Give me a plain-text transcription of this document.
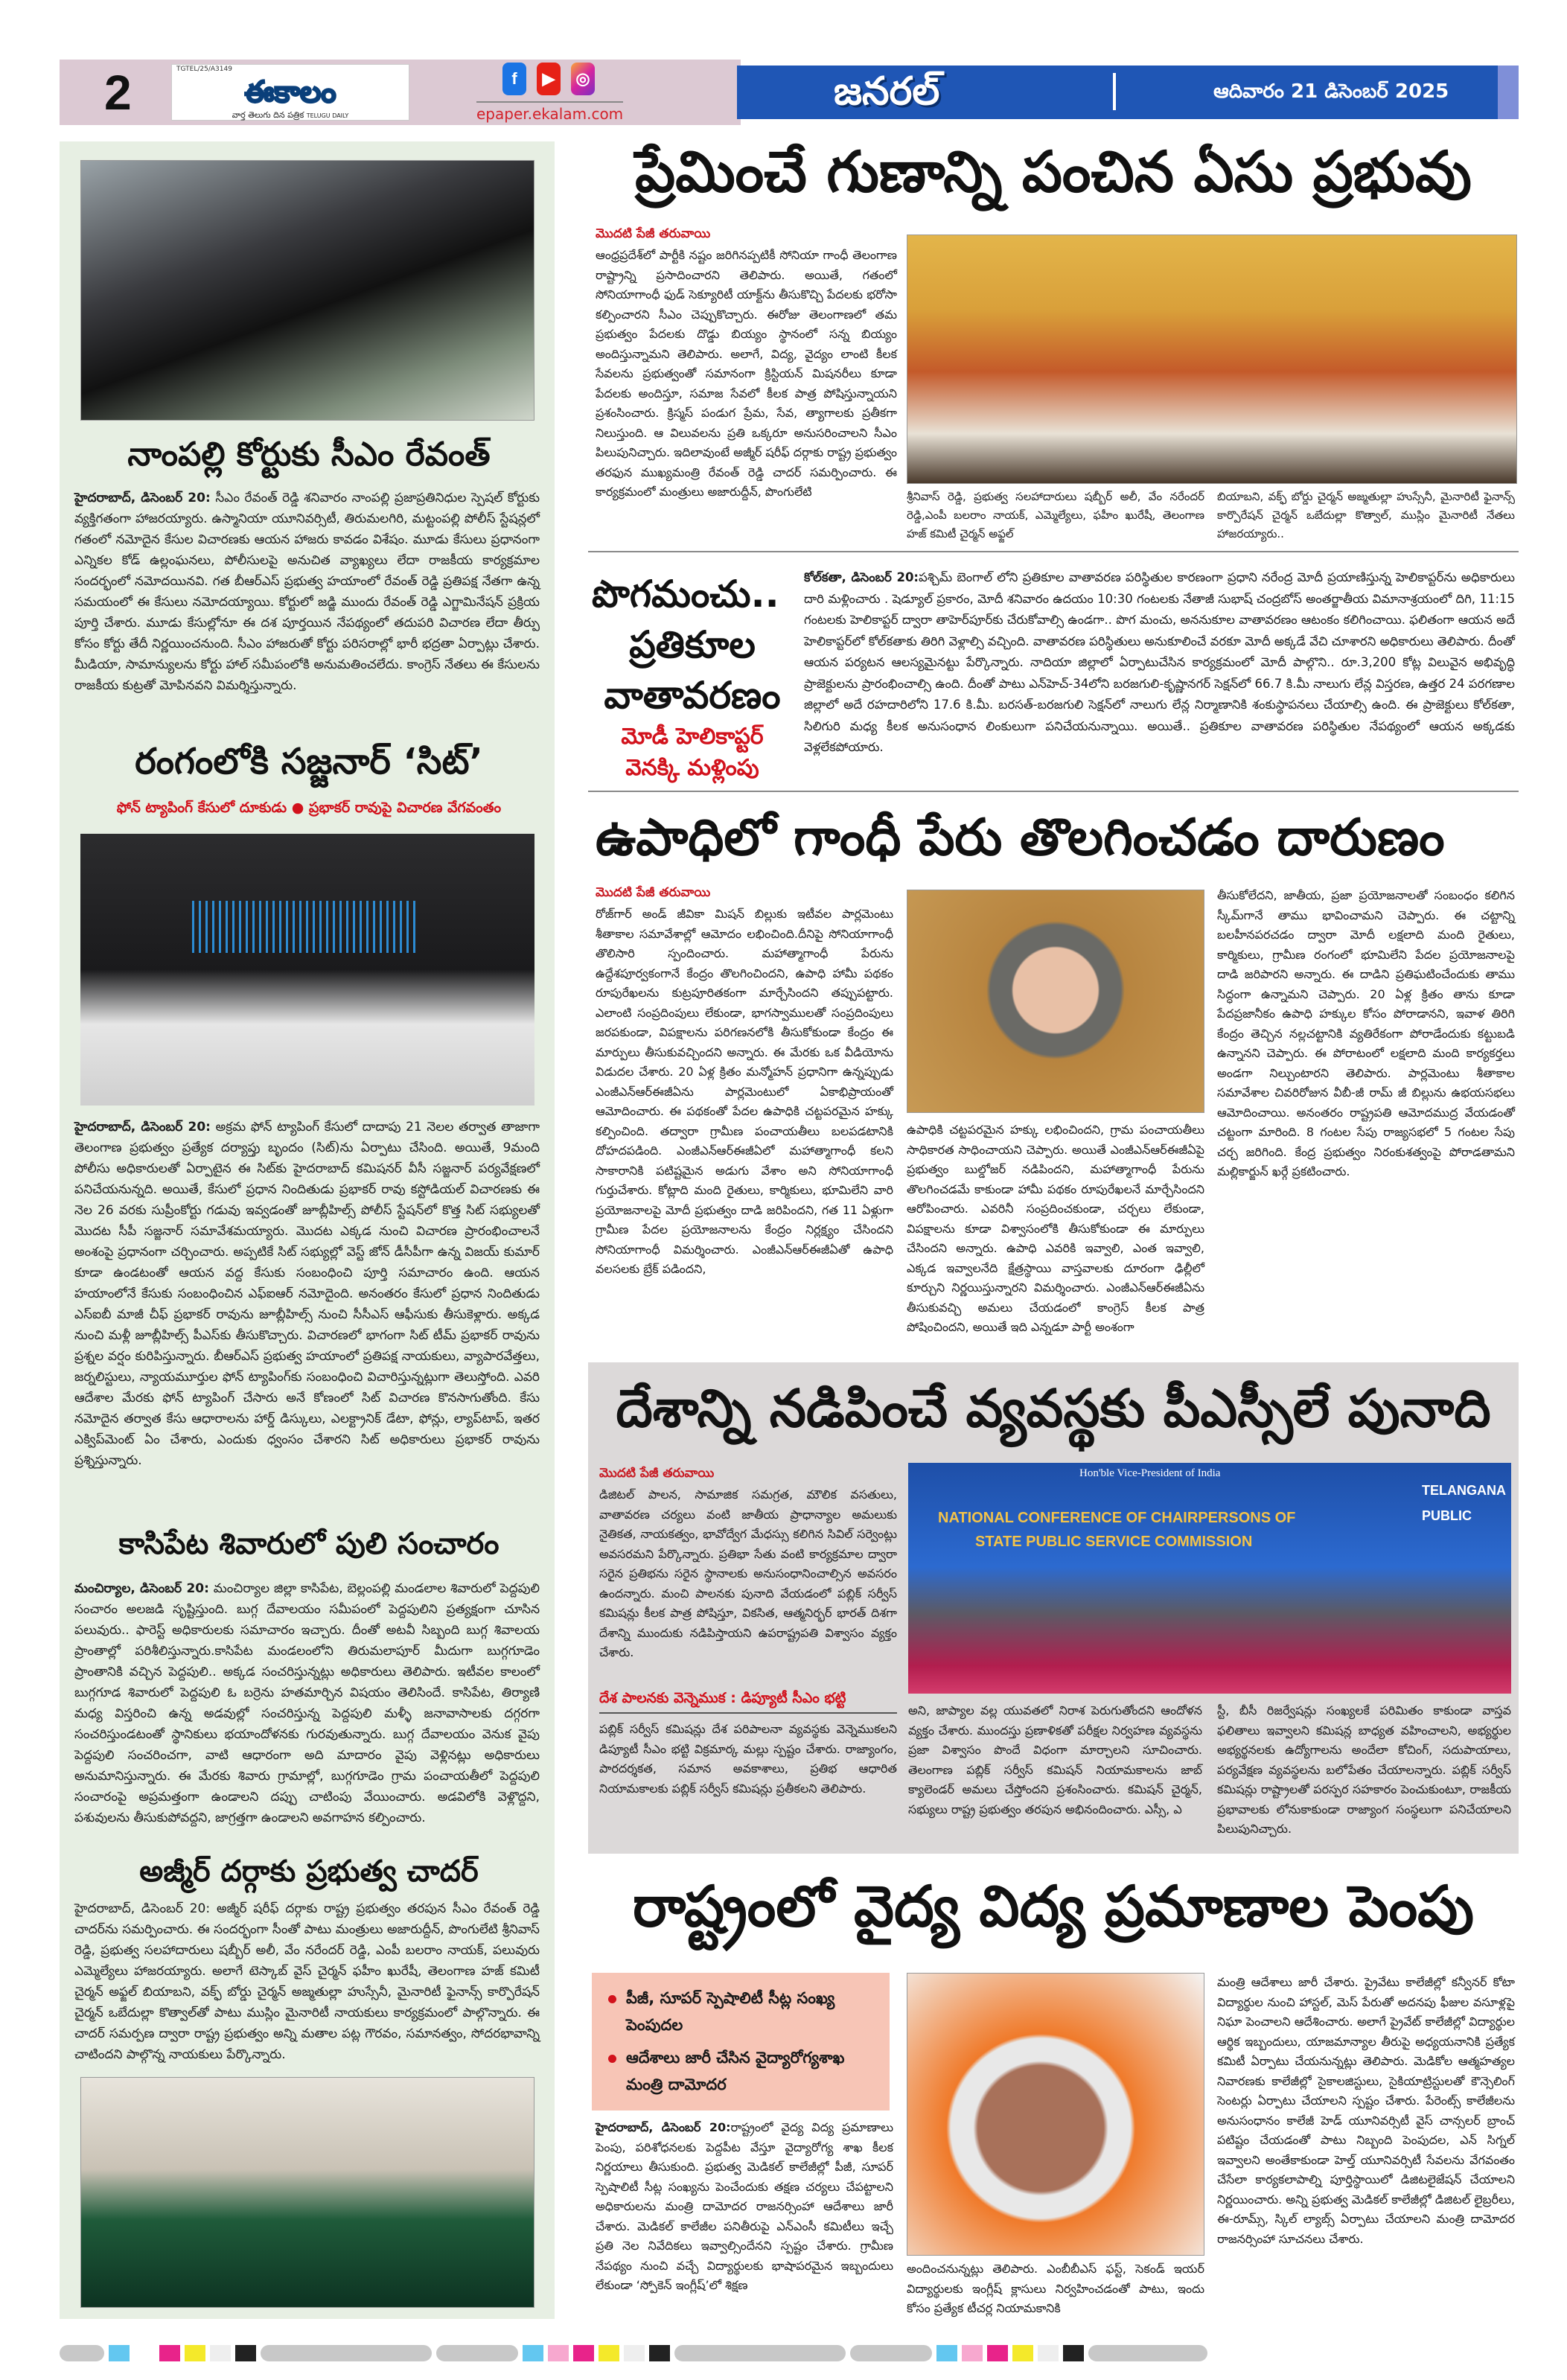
2	TGTEL/25/A3149
ఈకాలం
వార్త తెలుగు దిన పత్రిక TELUGU DAILY
f	▶	◎
epaper.ekalam.com	జనరల్	ఆదివారం 21 డిసెంబర్ 2025
నాంపల్లి కోర్టుకు సీఎం రేవంత్
హైదరాబాద్, డిసెంబర్ 20: సీఎం రేవంత్ రెడ్డి శనివారం నాంపల్లి ప్రజాప్రతినిధుల స్పెషల్ కోర్టుకు వ్యక్తిగతంగా హాజరయ్యారు. ఉస్మానియా యూనివర్సిటీ, తిరుమలగిరి, మట్టంపల్లి పోలీస్ స్టేషన్లలో గతంలో నమోదైన కేసుల విచారణకు ఆయన హాజరు కావడం విశేషం. మూడు కేసులు ప్రధానంగా ఎన్నికల కోడ్ ఉల్లంఘనలు, పోలీసులపై అనుచిత వ్యాఖ్యలు లేదా రాజకీయ కార్యక్రమాల సందర్భంలో నమోదయినవి. గత బీఆర్ఎస్ ప్రభుత్వ హయాంలో రేవంత్ రెడ్డి ప్రతిపక్ష నేతగా ఉన్న సమయంలో ఈ కేసులు నమోదయ్యాయి. కోర్టులో జడ్జి ముందు రేవంత్ రెడ్డి ఎగ్జామినేషన్ ప్రక్రియ పూర్తి చేశారు. మూడు కేసుల్లోనూ ఈ దశ పూర్తయిన నేపథ్యంలో తదుపరి విచారణ లేదా తీర్పు కోసం కోర్టు తేదీ నిర్ణయించనుంది. సీఎం హాజరుతో కోర్టు పరిసరాల్లో భారీ భద్రతా ఏర్పాట్లు చేశారు. మీడియా, సామాన్యులను కోర్టు హాల్ సమీపంలోకి అనుమతించలేదు. కాంగ్రెస్ నేతలు ఈ కేసులను రాజకీయ కుట్రతో మోపినవని విమర్శిస్తున్నారు.
రంగంలోకి సజ్జనార్ ‘సిట్’
ఫోన్ ట్యాపింగ్ కేసులో దూకుడు ● ప్రభాకర్ రావుపై విచారణ వేగవంతం
హైదరాబాద్, డిసెంబర్ 20: అక్రమ ఫోన్ ట్యాపింగ్ కేసులో దాదాపు 21 నెలల తర్వాత తాజాగా తెలంగాణ ప్రభుత్వం ప్రత్యేక దర్యాప్తు బృందం (సిట్)ను ఏర్పాటు చేసింది. అయితే, 9మంది పోలీసు అధికారులతో ఏర్పాటైన ఈ సిట్‌కు హైదరాబాద్ కమిషనర్ వీసీ సజ్జనార్ పర్యవేక్షణలో పనిచేయనున్నది. అయితే, కేసులో ప్రధాన నిందితుడు ప్రభాకర్ రావు కస్టోడియల్ విచారణకు ఈ నెల 26 వరకు సుప్రీంకోర్టు గడువు ఇవ్వడంతో జూబ్లీహిల్స్ పోలీస్ స్టేషన్‌లో కొత్త సిట్ సభ్యులతో మొదట సీపీ సజ్జనార్ సమావేశమయ్యారు. మొదట ఎక్కడ నుంచి విచారణ ప్రారంభించాలనే అంశంపై ప్రధానంగా చర్చించారు. అప్పటికే సిట్ సభ్యుల్లో వెస్ట్ జోన్ డీసీపీగా ఉన్న విజయ్ కుమార్ కూడా ఉండటంతో ఆయన వద్ద కేసుకు సంబంధించి పూర్తి సమాచారం ఉంది. ఆయన హయాంలోనే కేసుకు సంబంధించిన ఎఫ్ఐఆర్ నమోదైంది. అనంతరం కేసులో ప్రధాన నిందితుడు ఎస్ఐబీ మాజీ చీఫ్ ప్రభాకర్ రావును జూబ్లీహిల్స్ నుంచి సీసీఎస్ ఆఫీసుకు తీసుకెళ్లారు. అక్కడ నుంచి మళ్లీ జూబ్లీహిల్స్ పీఎస్‌కు తీసుకొచ్చారు. విచారణలో భాగంగా సిట్ టీమ్ ప్రభాకర్ రావును ప్రశ్నల వర్షం కురిపిస్తున్నారు. బీఆర్ఎస్ ప్రభుత్వ హయాంలో ప్రతిపక్ష నాయకులు, వ్యాపారవేత్తలు, జర్నలిస్టులు, న్యాయమూర్తుల ఫోన్ ట్యాపింగ్‌కు సంబంధించి విచారిస్తున్నట్లుగా తెలుస్తోంది. ఎవరి ఆదేశాల మేరకు ఫోన్ ట్యాపింగ్ చేసారు అనే కోణంలో సిట్ విచారణ కొనసాగుతోంది. కేసు నమోదైన తర్వాత కేసు ఆధారాలను హార్డ్ డిస్కులు, ఎలక్ట్రానిక్ డేటా, ఫోన్లు, ల్యాప్‌టాప్, ఇతర ఎక్విప్‌మెంట్ ఏం చేశారు, ఎందుకు ధ్వంసం చేశారని సిట్ అధికారులు ప్రభాకర్ రావును ప్రశ్నిస్తున్నారు.
కాసిపేట శివారులో పులి సంచారం
మంచిర్యాల, డిసెంబర్ 20: మంచిర్యాల జిల్లా కాసిపేట, బెల్లంపల్లి మండలాల శివారులో పెద్దపులి సంచారం అలజడి సృష్టిస్తుంది. బుగ్గ దేవాలయం సమీపంలో పెద్దపులిని ప్రత్యక్షంగా చూసిన పలువురు.. ఫారెస్ట్ అధికారులకు సమాచారం ఇచ్చారు. దీంతో అటవీ సిబ్బంది బుగ్గ శివాలయ ప్రాంతాల్లో పరిశీలిస్తున్నారు.కాసిపేట మండలంలోని తిరుమలాపూర్ మీదుగా బుగ్గగూడెం ప్రాంతానికి వచ్చిన పెద్దపులి.. అక్కడ సంచరిస్తున్నట్లు అధికారులు తెలిపారు. ఇటీవల కాలంలో బుగ్గగూడ శివారులో పెద్దపులి ఓ బర్రెను హతమార్చిన విషయం తెలిసిందే. కాసిపేట, తిర్యాణి మధ్య విస్తరించి ఉన్న అడవుల్లో సంచరిస్తున్న పెద్దపులి మళ్ళీ జనావాసాలకు దగ్గరగా సంచరిస్తుండటంతో స్థానికులు భయాందోళనకు గురవుతున్నారు. బుగ్గ దేవాలయం వెనుక వైపు పెద్దపులి సంచరించగా, వాటి ఆధారంగా అది మాదారం వైపు వెళ్లినట్లు అధికారులు అనుమానిస్తున్నారు. ఈ మేరకు శివారు గ్రామాల్లో, బుగ్గగూడెం గ్రామ పంచాయతీలో పెద్దపులి సంచారంపై అప్రమత్తంగా ఉండాలని దప్పు చాటింపు వేయించారు. అడవిలోకి వెళ్లొద్దని, పశువులను తీసుకుపోవద్దని, జాగ్రత్తగా ఉండాలని అవగాహన కల్పించారు.
అజ్మీర్ దర్గాకు ప్రభుత్వ చాదర్
హైదరాబాద్, డిసెంబర్ 20: అజ్మీర్ షరీఫ్ దర్గాకు రాష్ట్ర ప్రభుత్వం తరపున సీఎం రేవంత్ రెడ్డి చాదర్‌ను సమర్పించారు. ఈ సందర్భంగా సీంతో పాటు మంత్రులు అజారుద్దీన్, పొంగులేటి శ్రీనివాస్ రెడ్డి, ప్రభుత్వ సలహాదారులు షబ్బీర్ అలీ, వేం నరేందర్ రెడ్డి, ఎంపీ బలరాం నాయక్, పలువురు ఎమ్మెల్యేలు హాజరయ్యారు. అలాగే టెస్కాబ్ వైస్ చైర్మన్ ఫహీం ఖురేషీ, తెలంగాణ హజ్ కమిటీ చైర్మన్ అఫ్జల్ బియాబని, వక్ఫ్ బోర్డు చైర్మన్ అజ్మతుల్లా హుస్సేనీ, మైనారిటీ ఫైనాన్స్ కార్పొరేషన్ చైర్మన్ ఒబేదుల్లా కొత్వాల్‌తో పాటు ముస్లిం మైనారిటీ నాయకులు కార్యక్రమంలో పాల్గొన్నారు. ఈ చాదర్ సమర్పణ ద్వారా రాష్ట్ర ప్రభుత్వం అన్ని మతాల పట్ల గౌరవం, సమానత్వం, సోదరభావాన్ని చాటిందని పాల్గొన్న నాయకులు పేర్కొన్నారు.
ప్రేమించే గుణాన్ని పంచిన ఏసు ప్రభువు
మొదటి పేజీ తరువాయి
ఆంధ్రప్రదేశ్‌లో పార్టీకి నష్టం జరిగినప్పటికీ సోనియా గాంధీ తెలంగాణ రాష్ట్రాన్ని ప్రసాదించారని తెలిపారు. అయితే, గతంలో సోనియాగాంధీ ఫుడ్ సెక్యూరిటీ యాక్ట్‌ను తీసుకొచ్చి పేదలకు భరోసా కల్పించారని సీఎం చెప్పుకొచ్చారు. ఈరోజు తెలంగాణలో తమ ప్రభుత్వం పేదలకు దొడ్డు బియ్యం స్థానంలో సన్న బియ్యం అందిస్తున్నామని తెలిపారు. అలాగే, విద్య, వైద్యం లాంటి కీలక సేవలను ప్రభుత్వంతో సమానంగా క్రిస్టియన్ మిషనరీలు కూడా పేదలకు అందిస్తూ, సమాజ సేవలో కీలక పాత్ర పోషిస్తున్నాయని ప్రశంసించారు. క్రిస్మస్ పండుగ ప్రేమ, సేవ, త్యాగాలకు ప్రతీకగా నిలుస్తుంది. ఆ విలువలను ప్రతి ఒక్కరూ అనుసరించాలని సీఎం పిలుపునిచ్చారు. ఇదిలావుంటే అజ్మీర్ షరీఫ్ దర్గాకు రాష్ట్ర ప్రభుత్వం తరఫున ముఖ్యమంత్రి రేవంత్ రెడ్డి చాదర్ సమర్పించారు. ఈ కార్యక్రమంలో మంత్రులు అజారుద్దీన్, పొంగులేటి	శ్రీనివాస్ రెడ్డి, ప్రభుత్వ సలహాదారులు షబ్బీర్ అలీ, వేం నరేందర్ రెడ్డి,ఎంపీ బలరాం నాయక్, ఎమ్మెల్యేలు, ఫహీం ఖురేషీ, తెలంగాణ హజ్ కమిటీ చైర్మన్ అఫ్జల్
బియాబని, వక్ఫ్ బోర్డు చైర్మన్ అజ్మతుల్లా హుస్సేనీ, మైనారిటీ ఫైనాన్స్ కార్పొరేషన్ చైర్మన్ ఒబేదుల్లా కొత్వాల్, ముస్లిం మైనారిటీ నేతలు హాజరయ్యారు..
పొగమంచు..
ప్రతికూల
వాతావరణం
మోడీ హెలికాప్టర్
వెనక్కి మళ్లింపు
కోల్‌కతా, డిసెంబర్ 20:పశ్చిమ్ బెంగాల్ లోని ప్రతికూల వాతావరణ పరిస్థితుల కారణంగా ప్రధాని నరేంద్ర మోదీ ప్రయాణిస్తున్న హెలికాప్టర్‌ను అధికారులు దారి మళ్లించారు . షెడ్యూల్ ప్రకారం, మోదీ శనివారం ఉదయం 10:30 గంటలకు నేతాజీ సుభాష్ చంద్రబోస్ అంతర్జాతీయ విమానాశ్రయంలో దిగి, 11:15 గంటలకు హెలికాప్టర్ ద్వారా తాహెర్‌పూర్‌కు చేరుకోవాల్సి ఉండగా.. పొగ మంచు, అననుకూల వాతావరణం ఆటంకం కలిగించాయి. ఫలితంగా ఆయన అదే హెలికాప్టర్‌లో కోల్‌కతాకు తిరిగి వెళ్లాల్సి వచ్చింది. వాతావరణ పరిస్థితులు అనుకూలించే వరకూ మోదీ అక్కడే వేచి చూశారని అధికారులు తెలిపారు. దీంతో ఆయన పర్యటన ఆలస్యమైనట్టు పేర్కొన్నారు. నాదియా జిల్లాలో ఏర్పాటుచేసిన కార్యక్రమంలో మోదీ పాల్గొని.. రూ.3,200 కోట్ల విలువైన అభివృద్ధి ప్రాజెక్టులను ప్రారంభించాల్సి ఉంది. దీంతో పాటు ఎన్‌హెచ్-34లోని బరజగులి-కృష్ణానగర్ సెక్షన్‌లో 66.7 కి.మీ నాలుగు లేన్ల విస్తరణ, ఉత్తర 24 పరగణాల జిల్లాలో అదే రహదారిలోని 17.6 కి.మీ. బరసత్-బరజగులి సెక్షన్‌లో నాలుగు లేన్ల నిర్మాణానికి శంకుస్థాపనలు చేయాల్సి ఉంది. ఈ ప్రాజెక్టులు కోల్‌కతా, సిలిగురి మధ్య కీలక అనుసంధాన లింకులుగా పనిచేయనున్నాయి. అయితే.. ప్రతికూల వాతావరణ పరిస్థితుల నేపథ్యంలో ఆయన అక్కడకు వెళ్లలేకపోయారు.
ఉపాధిలో గాంధీ పేరు తొలగించడం దారుణం
మొదటి పేజీ తరువాయి
రోజ్‌గార్ అండ్ జీవికా మిషన్ బిల్లుకు ఇటీవల పార్లమెంటు శీతాకాల సమావేశాల్లో ఆమోదం లభించింది.దీనిపై సోనియాగాంధీ తొలిసారి స్పందించారు. మహాత్మాగాంధీ పేరును ఉద్దేశపూర్వకంగానే కేంద్రం తొలగించిందని, ఉపాధి హామీ పథకం రూపురేఖలను కుట్రపూరితకంగా మార్చేసిందని తప్పుపట్టారు. ఎలాంటి సంప్రదింపులు లేకుండా, భాగస్వాములతో సంప్రదింపులు జరపకుండా, విపక్షాలను పరిగణనలోకి తీసుకోకుండా కేంద్రం ఈ మార్పులు తీసుకువచ్చిందని అన్నారు. ఈ మేరకు ఒక వీడియోను విడుదల చేశారు. 20 ఏళ్ల క్రితం మన్మోహన్ ప్రధానిగా ఉన్నప్పుడు ఎంజీఎన్ఆర్ఈజీఏను పార్లమెంటులో ఏకాభిప్రాయంతో ఆమోదించారు. ఈ పథకంతో పేదల ఉపాధికి చట్టపరమైన హక్కు కల్పించింది. తద్వారా గ్రామీణ పంచాయతీలు బలపడటానికి దోహదపడింది. ఎంజీఎన్ఆర్ఈజీఏలో మహాత్మాగాంధీ కలని సాకారానికి పటిష్టమైన అడుగు వేశాం అని సోనియాగాంధీ గుర్తుచేశారు. కోట్లాది మంది రైతులు, కార్మికులు, భూమిలేని వారి ప్రయోజనాలపై మోదీ ప్రభుత్వం దాడి జరిపిందని, గత 11 ఏళ్లుగా గ్రామీణ పేదల ప్రయోజనాలను కేంద్రం నిర్లక్ష్యం చేసిందని సోనియాగాంధీ విమర్శించారు. ఎంజీఎన్ఆర్ఈజీఏతో ఉపాధి వలసలకు బ్రేక్ పడిందని,
ఉపాధికి చట్టపరమైన హక్కు లభించిందని, గ్రామ పంచాయతీలు సాధికారత సాధించాయని చెప్పారు. అయితే ఎంజీఎన్ఆర్ఈజీఏపై ప్రభుత్వం బుల్డోజర్ నడిపిందని, మహాత్మాగాంధీ పేరును తొలగించడమే కాకుండా హామీ పథకం రూపురేఖలనే మార్చేసిందని ఆరోపించారు. ఎవరినీ సంప్రదించకుండా, చర్చలు లేకుండా, విపక్షాలను కూడా విశ్వాసంలోకి తీసుకోకుండా ఈ మార్పులు చేసిందని అన్నారు. ఉపాధి ఎవరికి ఇవ్వాలి, ఎంత ఇవ్వాలి, ఎక్కడ ఇవ్వాలనేది క్షేత్రస్థాయి వాస్తవాలకు దూరంగా ఢిల్లీలో కూర్చుని నిర్ణయిస్తున్నారని విమర్శించారు. ఎంజీఎన్ఆర్ఈజీఏను తీసుకువచ్చి అమలు చేయడంలో కాంగ్రెస్ కీలక పాత్ర పోషించిందని, అయితే ఇది ఎన్నడూ పార్టీ అంశంగా
తీసుకోలేదని, జాతీయ, ప్రజా ప్రయోజనాలతో సంబంధం కలిగిన స్కీమ్‌గానే తాము భావించామని చెప్పారు. ఈ చట్టాన్ని బలహీనపరచడం ద్వారా మోదీ లక్షలాది మంది రైతులు, కార్మికులు, గ్రామీణ రంగంలో భూమిలేని పేదల ప్రయోజనాలపై దాడి జరిపారని అన్నారు. ఈ దాడిని ప్రతిఘటించేందుకు తాము సిద్ధంగా ఉన్నామని చెప్పారు. 20 ఏళ్ల క్రితం తాను కూడా పేదప్రజానీకం ఉపాధి హక్కుల కోసం పోరాడానని, ఇవాళ తిరిగి కేంద్రం తెచ్చిన నల్లచట్టానికి వ్యతిరేకంగా పోరాడేందుకు కట్టుబడి ఉన్నానని చెప్పారు. ఈ పోరాటంలో లక్షలాది మంది కార్యకర్తలు అండగా నిల్చుంటారని తెలిపారు. పార్లమెంటు శీతాకాల సమావేశాల చివరిరోజున వీబీ-జీ రామ్ జీ బిల్లును ఉభయసభలు ఆమోదించాయి. అనంతరం రాష్ట్రపతి ఆమోదముద్ర వేయడంతో చట్టంగా మారింది. 8 గంటల సేపు రాజ్యసభలో 5 గంటల సేపు చర్చ జరిగింది. కేంద్ర ప్రభుత్వం నిరంకుశత్వంపై పోరాడతామని మల్లికార్జున్ ఖర్గే ప్రకటించారు.
దేశాన్ని నడిపించే వ్యవస్థకు పీఎస్సీలే పునాది
మొదటి పేజీ తరువాయి
డిజిటల్ పాలన, సామాజిక సమగ్రత, మౌలిక వసతులు, వాతావరణ చర్యలు వంటి జాతీయ ప్రాధాన్యాల అమలుకు నైతికత, నాయకత్వం, భావోద్వేగ మేధస్సు కలిగిన సివిల్ సర్వెంట్లు అవసరమని పేర్కొన్నారు. ప్రతిభా సేతు వంటి కార్యక్రమాల ద్వారా సరైన ప్రతిభను సరైన స్థానాలకు అనుసంధానించాల్సిన అవసరం ఉందన్నారు. మంచి పాలనకు పునాది వేయడంలో పబ్లిక్ సర్వీస్ కమిషన్లు కీలక పాత్ర పోషిస్తూ, వికసిత, ఆత్మనిర్భర్ భారత్ దిశగా దేశాన్ని ముందుకు నడిపిస్తాయని ఉపరాష్ట్రపతి విశ్వాసం వ్యక్తం చేశారు.
దేశ పాలనకు వెన్నెముక : డిప్యూటీ సీఎం భట్టి
పబ్లిక్ సర్వీస్ కమిషన్లు దేశ పరిపాలనా వ్యవస్థకు వెన్నెముకలని డిప్యూటీ సీఎం భట్టి విక్రమార్క మల్లు స్పష్టం చేశారు. రాజ్యాంగం, పారదర్శకత, సమాన అవకాశాలు, ప్రతిభ ఆధారిత నియామకాలకు పబ్లిక్ సర్వీస్ కమిషన్లు ప్రతీకలని తెలిపారు.
Hon'ble Vice-President of India
NATIONAL CONFERENCE OF CHAIRPERSONS OF
STATE PUBLIC SERVICE COMMISSION
TELANGANA PUBLIC
అని, జాప్యాల వల్ల యువతలో నిరాశ పెరుగుతోందని ఆందోళన వ్యక్తం చేశారు. ముందస్తు ప్రణాళికతో పరీక్షల నిర్వహణ వ్యవస్థను ప్రజా విశ్వాసం పొందే విధంగా మార్చాలని సూచించారు. తెలంగాణ పబ్లిక్ సర్వీస్ కమిషన్ నియామకాలను జాబ్ క్యాలెండర్ అమలు చేస్తోందని ప్రశంసించారు. కమిషన్ చైర్మన్, సభ్యులు రాష్ట్ర ప్రభుత్వం తరపున అభినందించారు. ఎస్సీ, ఎ
స్టీ, బీసీ రిజర్వేషన్లు సంఖ్యలకే పరిమితం కాకుండా వాస్తవ ఫలితాలు ఇవ్వాలని కమిషన్ల బాధ్యత వహించాలని, అభ్యర్థుల అభ్యర్థనలకు ఉద్యోగాలను అందేలా కోచింగ్, సదుపాయాలు, పర్యవేక్షణ వ్యవస్థలను బలోపేతం చేయాలన్నారు. పబ్లిక్ సర్వీస్ కమిషన్లు రాష్ట్రాలతో పరస్పర సహకారం పెంచుకుంటూ, రాజకీయ ప్రభావాలకు లోనుకాకుండా రాజ్యాంగ సంస్థలుగా పనిచేయాలని పిలుపునిచ్చారు.
రాష్ట్రంలో వైద్య విద్య ప్రమాణాల పెంపు
పీజీ, సూపర్ స్పెషాలిటీ సీట్ల సంఖ్య పెంపుదల
ఆదేశాలు జారీ చేసిన వైద్యారోగ్యశాఖ మంత్రి దామోదర
హైదరాబాద్, డిసెంబర్ 20:రాష్ట్రంలో వైద్య విద్య ప్రమాణాలు పెంపు, పరిశోధనలకు పెద్దపీట వేస్తూ వైద్యారోగ్య శాఖ కీలక నిర్ణయాలు తీసుకుంది. ప్రభుత్వ మెడికల్ కాలేజీల్లో పీజీ, సూపర్ స్పెషాలిటీ సీట్ల సంఖ్యను పెంచేందుకు తక్షణ చర్యలు చేపట్టాలని అధికారులను మంత్రి దామోదర రాజనర్సింహా ఆదేశాలు జారీ చేశారు. మెడికల్ కాలేజీల పనితీరుపై ఎన్ఎంసీ కమిటీలు ఇచ్చే ప్రతి నెల నివేదికలు ఇవ్వాల్సిందేనని స్పష్టం చేశారు. గ్రామీణ నేపథ్యం నుంచి వచ్చే విద్యార్థులకు భాషాపరమైన ఇబ్బందులు లేకుండా ‘స్పోకెన్ ఇంగ్లీష్’లో శిక్షణ
అందించనున్నట్లు తెలిపారు. ఎంబీబీఎస్ ఫస్ట్, సెకండ్ ఇయర్ విద్యార్థులకు ఇంగ్లీష్ క్లాసులు నిర్వహించడంతో పాటు, ఇందు కోసం ప్రత్యేక టీచర్ల నియామకానికి
మంత్రి ఆదేశాలు జారీ చేశారు. ప్రైవేటు కాలేజీల్లో కన్వీనర్ కోటా విద్యార్థుల నుంచి హాస్టల్, మెస్ పేరుతో అదనపు ఫీజుల వసూళ్లపై నిఘా పెంచాలని ఆదేశించారు. అలాగే ప్రైవేట్ కాలేజీల్లో విద్యార్థుల ఆర్థిక ఇబ్బందులు, యాజమాన్యాల తీరుపై అధ్యయనానికి ప్రత్యేక కమిటీ ఏర్పాటు చేయనున్నట్లు తెలిపారు. మెడికోల ఆత్మహత్యల నివారణకు కాలేజీల్లో సైకాలజిస్టులు, సైకియాట్రిస్టులతో కౌన్సెలింగ్ సెంటర్లు ఏర్పాటు చేయాలని స్పష్టం చేశారు. పేరెంట్స్ కాలేజీలను అనుసంధానం కాలేజీ హెడ్ యూనివర్సిటీ వైస్ చాన్సలర్ బ్రాంచ్ పటిష్టం చేయడంతో పాటు నిబ్బంది పెంపుదల, ఎన్ సిగ్నల్ ఇవ్వాలని అంతేకాకుండా హెల్త్ యూనివర్సిటీ సేవలను వేగవంతం చేసేలా కార్యకలాపాల్ని పూర్తిస్థాయిలో డిజిటలైజేషన్ చేయాలని నిర్ణయించారు. అన్ని ప్రభుత్వ మెడికల్ కాలేజీల్లో డిజిటల్ లైబ్రరీలు, ఈ-రూమ్స్, స్కిల్ ల్యాబ్స్ ఏర్పాటు చేయాలని మంత్రి దామోదర రాజనర్సింహా సూచనలు చేశారు.
